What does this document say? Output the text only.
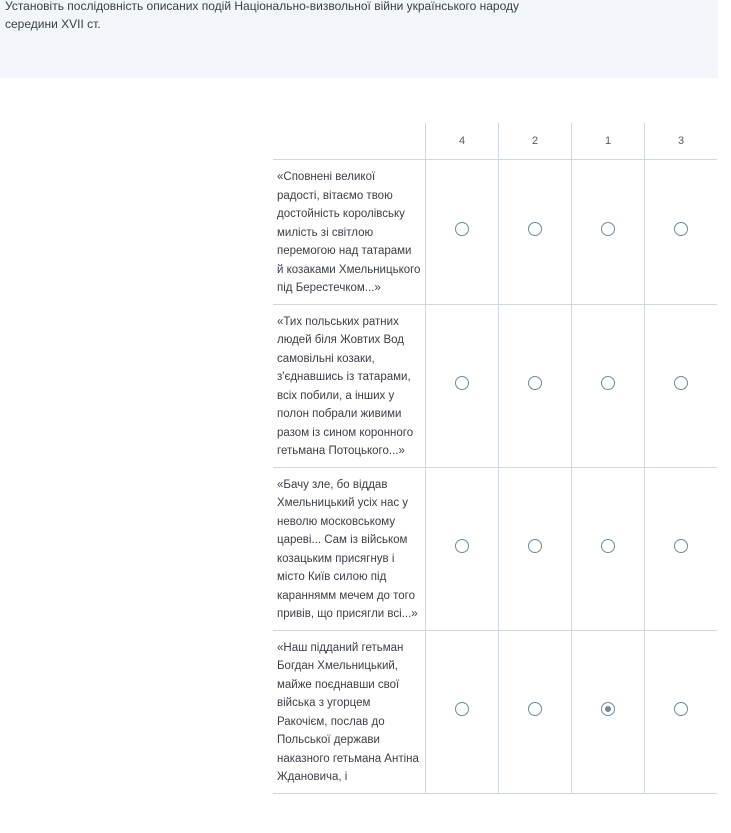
Установіть послідовність описаних подій Національно-визвольної війни українського народу середини XVII ст.
	4	2	1	3
«Сповнені великої радості, вітаємо твою достойність королівську милість зі світлою перемогою над татарами й козаками Хмельницького під Берестечком...»				
«Тих польських ратних людей біля Жовтих Вод самовільні козаки, з'єднавшись із татарами, всіх побили, а інших у полон побрали живими разом із сином коронного гетьмана Потоцького...»				
«Бачу зле, бо віддав Хмельницький усіх нас у неволю московському цареві... Сам із військом козацьким присягнув і місто Київ силою під караннямм мечем до того привів, що присягли всі...»				
«Наш підданий гетьман Богдан Хмельницький, майже поєднавши свої війська з угорцем Ракочієм, послав до Польської держави наказного гетьмана Антіна Ждановича, і				
